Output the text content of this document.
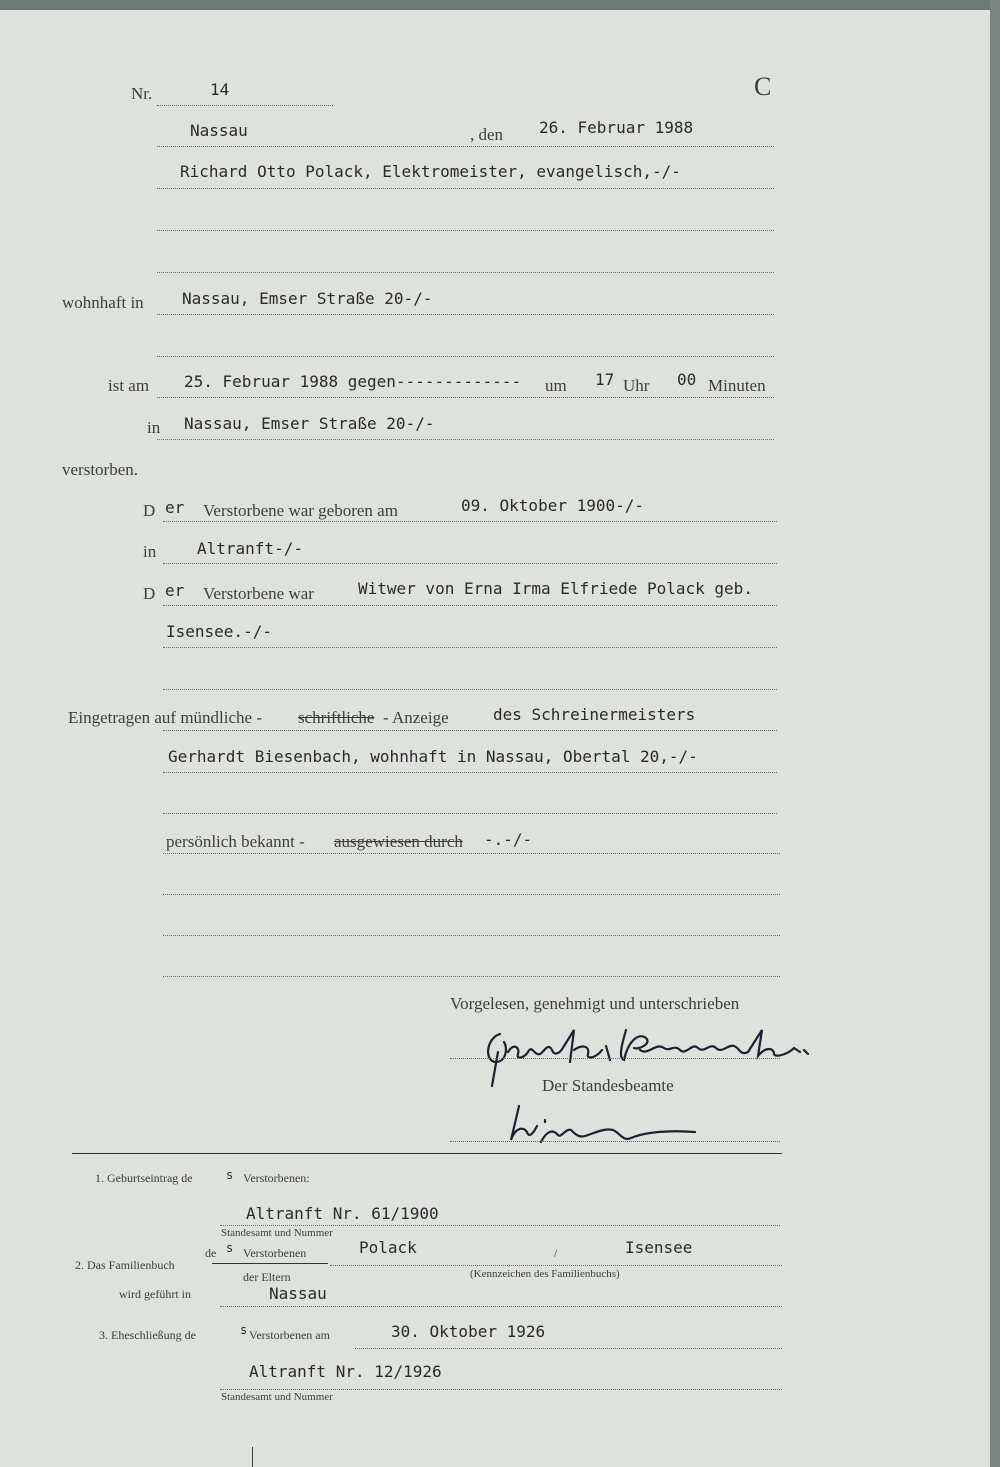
Nr.	14	C
Nassau	, den 26. Februar 1988
Richard Otto Polack, Elektromeister, evangelisch,-/-
wohnhaft in Nassau, Emser Straße 20-/-
ist am 25. Februar 1988 gegen------------- um 17 Uhr 00 Minuten
in Nassau, Emser Straße 20-/-
verstorben.
D er Verstorbene war geboren am	09. Oktober 1900-/-
in	Altranft-/-
D er Verstorbene war	Witwer von Erna Irma Elfriede Polack geb.
Isensee.-/-
Eingetragen auf mündliche - schriftliche - Anzeige	des Schreinermeisters
Gerhardt Biesenbach, wohnhaft in Nassau, Obertal 20,-/-
persönlich bekannt - ausgewiesen durch -.-/-
Vorgelesen, genehmigt und unterschrieben
Der Standesbeamte
1. Geburtseintrag de	s Verstorbenen:
Altranft Nr. 61/1900
Standesamt und Nummer
de s Verstorbenen	Polack	/	Isensee
2. Das Familienbuch
der Eltern	(Kennzeichen des Familienbuchs)
wird geführt in	Nassau
3. Eheschließung de	s Verstorbenen am	30. Oktober 1926
Altranft Nr. 12/1926
Standesamt und Nummer
